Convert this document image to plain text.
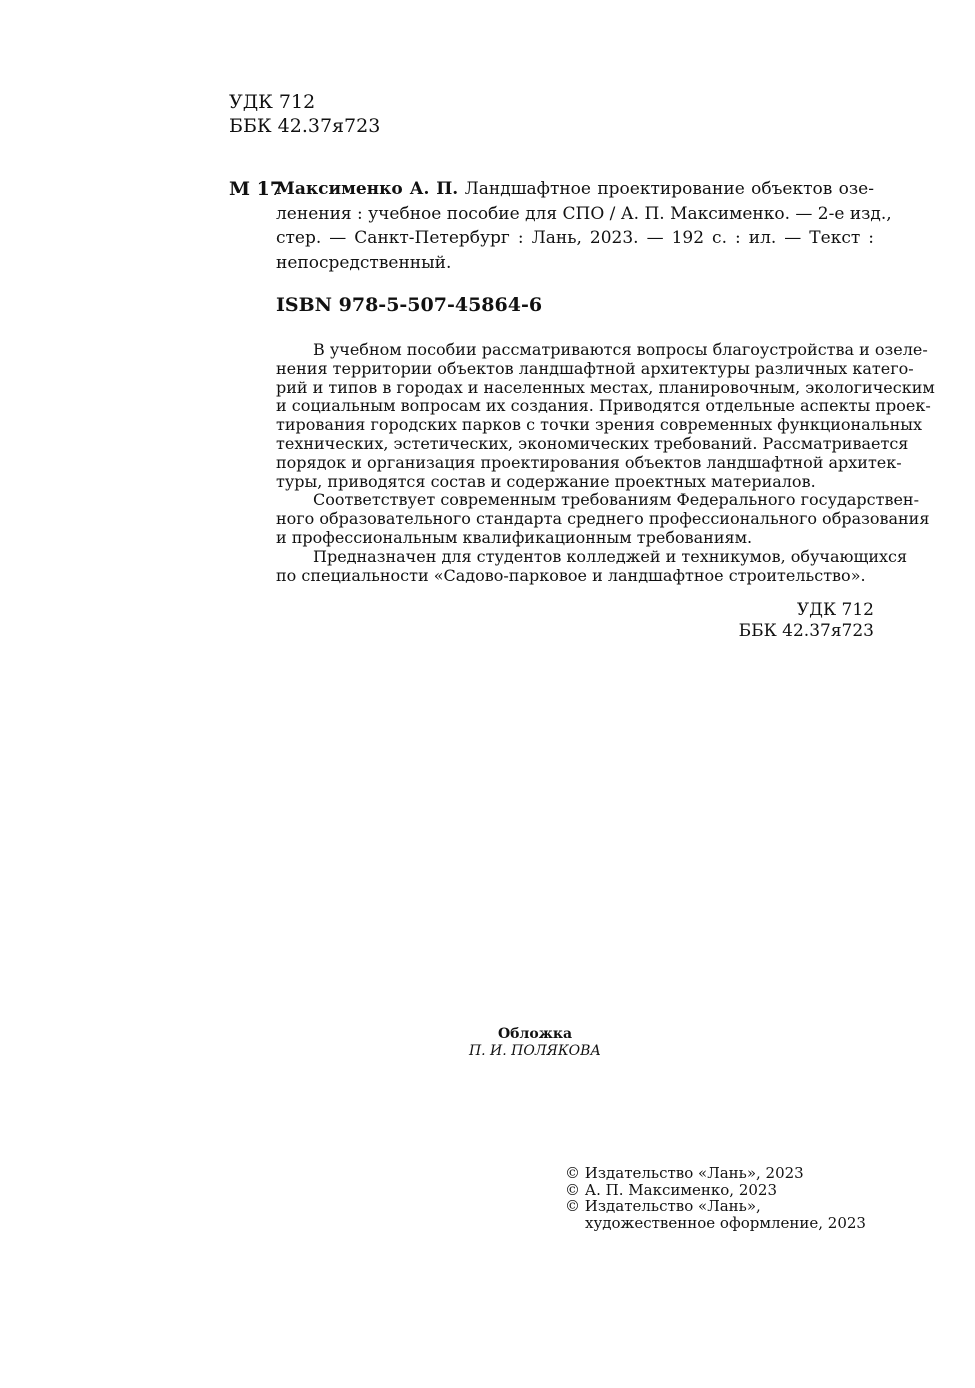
УДК 712
ББК 42.37я723
М 17
Максименко А. П. Ландшафтное проектирование объектов озе-
ленения : учебное пособие для СПО / А. П. Максименко. — 2-е изд.,
стер. — Санкт-Петербург : Лань, 2023. — 192 с. : ил. — Текст :
непосредственный.
ISBN 978-5-507-45864-6
В учебном пособии рассматриваются вопросы благоустройства и озеле-
нения территории объектов ландшафтной архитектуры различных катего-
рий и типов в городах и населенных местах, планировочным, экологическим
и социальным вопросам их создания. Приводятся отдельные аспекты проек-
тирования городских парков с точки зрения современных функциональных
технических, эстетических, экономических требований. Рассматривается
порядок и организация проектирования объектов ландшафтной архитек-
туры, приводятся состав и содержание проектных материалов.
Соответствует современным требованиям Федерального государствен-
ного образовательного стандарта среднего профессионального образования
и профессиональным квалификационным требованиям.
Предназначен для студентов колледжей и техникумов, обучающихся
по специальности «Садово-парковое и ландшафтное строительство».
УДК 712
ББК 42.37я723
Обложка
П. И. ПОЛЯКОВА
© Издательство «Лань», 2023
© А. П. Максименко, 2023
© Издательство «Лань»,
художественное оформление, 2023
